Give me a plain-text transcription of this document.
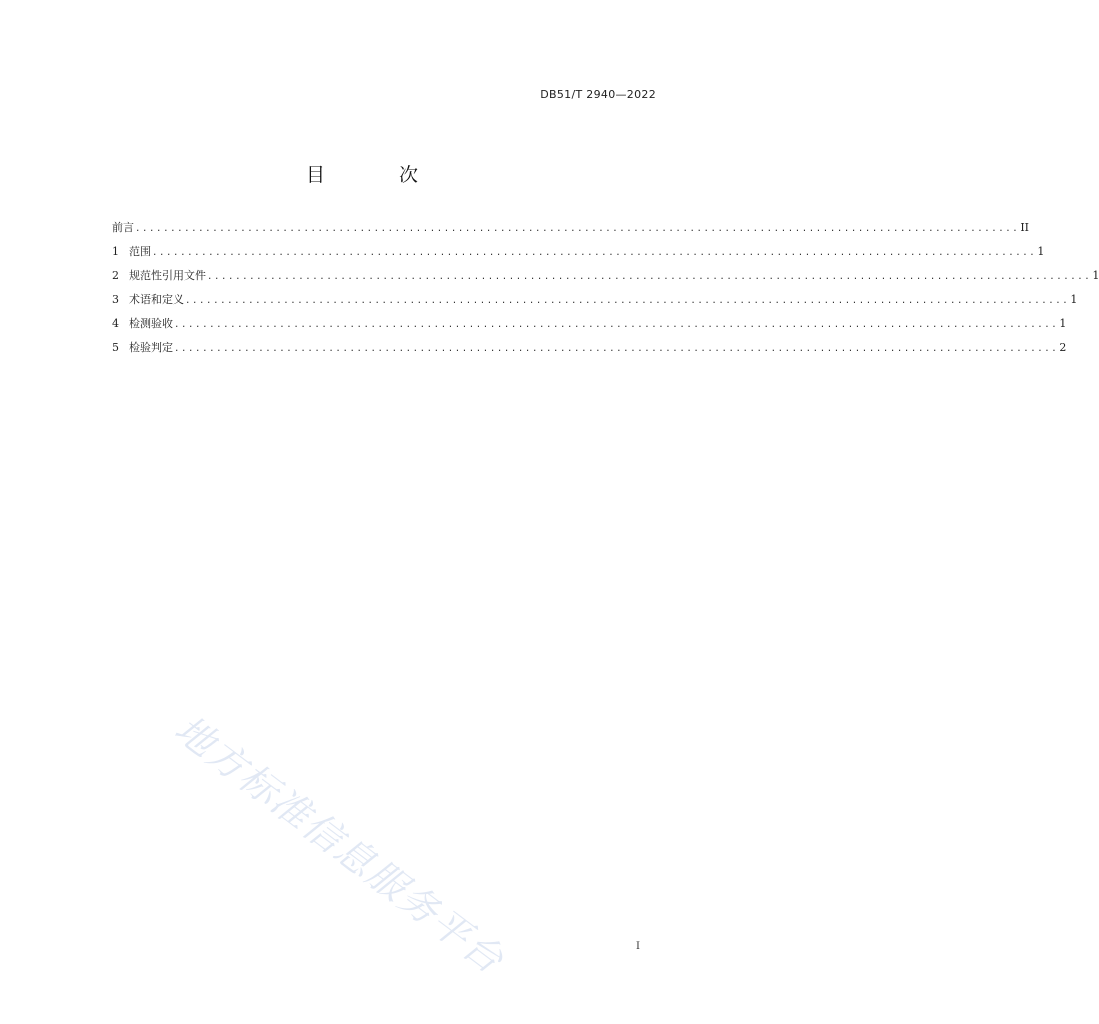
DB51/T 2940—2022
目 次
前言 .............................................................................................................................. II
1 范围 .............................................................................................................................. 1
2 规范性引用文件 .............................................................................................................................. 1
3 术语和定义 .............................................................................................................................. 1
4 检测验收 .............................................................................................................................. 1
5 检验判定 .............................................................................................................................. 2
地方标准信息服务平台	I
